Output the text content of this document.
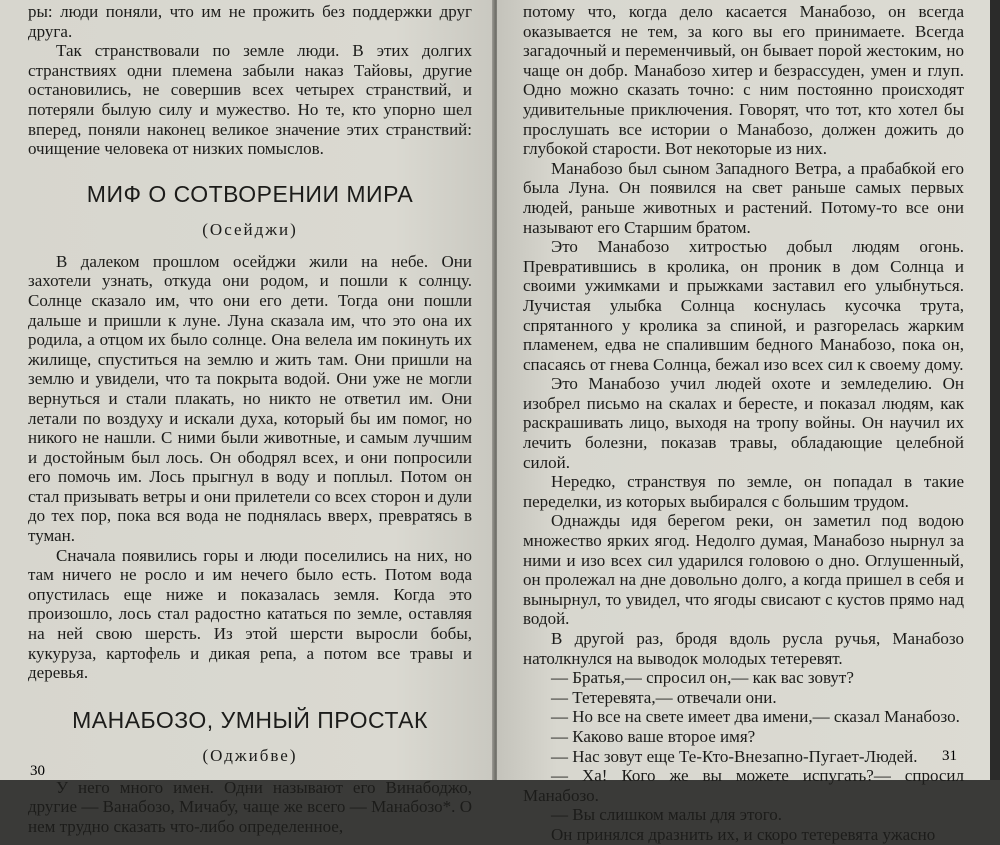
ры: люди поняли, что им не прожить без поддержки друг друга.

Так странствовали по земле люди. В этих долгих странствиях одни племена забыли наказ Тайовы, другие остановились, не совершив всех четырех странствий, и потеряли былую силу и мужество. Но те, кто упорно шел вперед, поняли наконец великое значение этих странствий: очищение человека от низких помыслов.

МИФ О СОТВОРЕНИИ МИРА
(Осейджи)

В далеком прошлом осейджи жили на небе. Они захотели узнать, откуда они родом, и пошли к солнцу. Солнце сказало им, что они его дети. Тогда они пошли дальше и пришли к луне. Луна сказала им, что это она их родила, а отцом их было солнце. Она велела им покинуть их жилище, спуститься на землю и жить там. Они пришли на землю и увидели, что та покрыта водой. Они уже не могли вернуться и стали плакать, но никто не ответил им. Они летали по воздуху и искали духа, который бы им помог, но никого не нашли. С ними были животные, и самым лучшим и достойным был лось. Он ободрял всех, и они попросили его помочь им. Лось прыгнул в воду и поплыл. Потом он стал призывать ветры и они прилетели со всех сторон и дули до тех пор, пока вся вода не поднялась вверх, превратясь в туман.

Сначала появились горы и люди поселились на них, но там ничего не росло и им нечего было есть. Потом вода опустилась еще ниже и показалась земля. Когда это произошло, лось стал радостно кататься по земле, оставляя на ней свою шерсть. Из этой шерсти выросли бобы, кукуруза, картофель и дикая репа, а потом все травы и деревья.

МАНАБОЗО, УМНЫЙ ПРОСТАК
(Оджибве)

У него много имен. Одни называют его Винабоджо, другие — Ванабозо, Мичабу, чаще же всего — Манабозо*. О нем трудно сказать что-либо определенное,

30

потому что, когда дело касается Манабозо, он всегда оказывается не тем, за кого вы его принимаете. Всегда загадочный и переменчивый, он бывает порой жестоким, но чаще он добр. Манабозо хитер и безрассуден, умен и глуп. Одно можно сказать точно: с ним постоянно происходят удивительные приключения. Говорят, что тот, кто хотел бы прослушать все истории о Манабозо, должен дожить до глубокой старости. Вот некоторые из них.

Манабозо был сыном Западного Ветра, а прабабкой его была Луна. Он появился на свет раньше самых первых людей, раньше животных и растений. Потому-то все они называют его Старшим братом.

Это Манабозо хитростью добыл людям огонь. Превратившись в кролика, он проник в дом Солнца и своими ужимками и прыжками заставил его улыбнуться. Лучистая улыбка Солнца коснулась кусочка трута, спрятанного у кролика за спиной, и разгорелась жарким пламенем, едва не спалившим бедного Манабозо, пока он, спасаясь от гнева Солнца, бежал изо всех сил к своему дому.

Это Манабозо учил людей охоте и земледелию. Он изобрел письмо на скалах и бересте, и показал людям, как раскрашивать лицо, выходя на тропу войны. Он научил их лечить болезни, показав травы, обладающие целебной силой.

Нередко, странствуя по земле, он попадал в такие переделки, из которых выбирался с большим трудом.

Однажды идя берегом реки, он заметил под водою множество ярких ягод. Недолго думая, Манабозо нырнул за ними и изо всех сил ударился головою о дно. Оглушенный, он пролежал на дне довольно долго, а когда пришел в себя и вынырнул, то увидел, что ягоды свисают с кустов прямо над водой.

В другой раз, бродя вдоль русла ручья, Манабозо натолкнулся на выводок молодых тетеревят.

— Братья,— спросил он,— как вас зовут?

— Тетеревята,— отвечали они.

— Но все на свете имеет два имени,— сказал Манабозо.

— Каково ваше второе имя?

— Нас зовут еще Те-Кто-Внезапно-Пугает-Людей.

— Ха! Кого же вы можете испугать?— спросил Манабозо.

— Вы слишком малы для этого.

Он принялся дразнить их, и скоро тетеревята ужасно

31
